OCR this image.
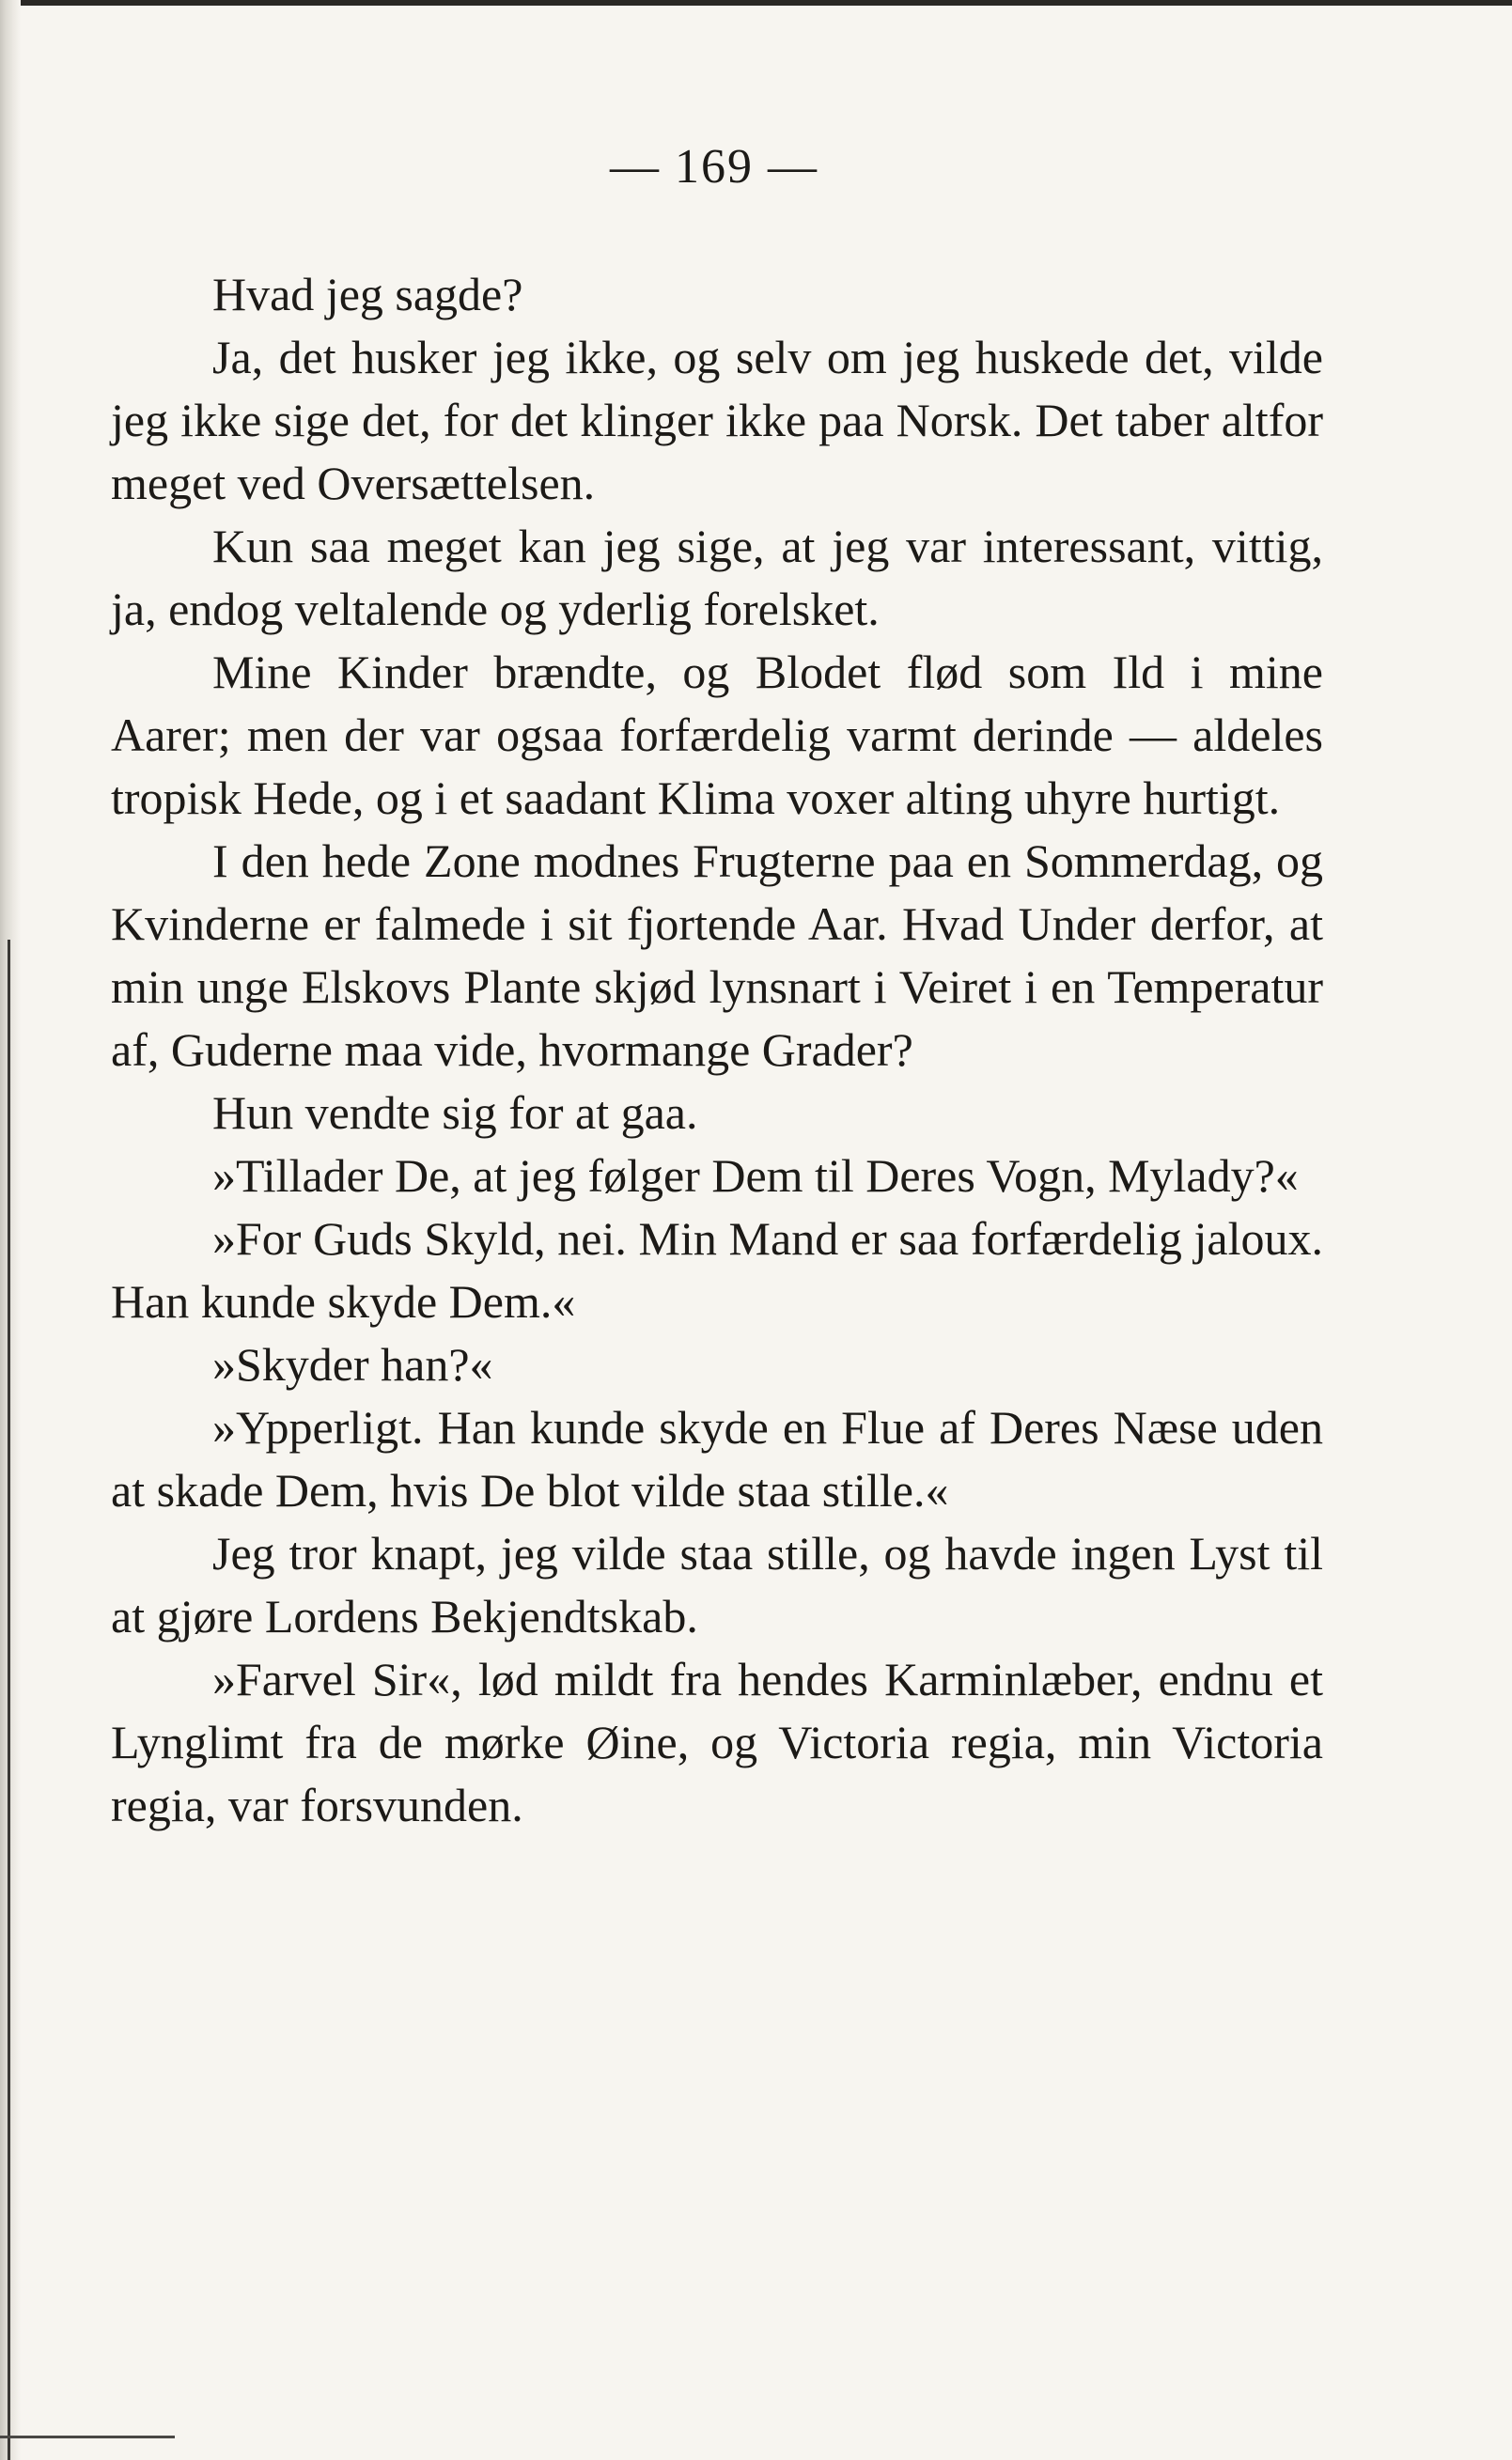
— 169 —

Hvad jeg sagde?

Ja, det husker jeg ikke, og selv om jeg huskede det, vilde jeg ikke sige det, for det klinger ikke paa Norsk. Det taber altfor meget ved Oversættelsen.

Kun saa meget kan jeg sige, at jeg var interessant, vittig, ja, endog veltalende og yderlig forelsket.

Mine Kinder brændte, og Blodet flød som Ild i mine Aarer; men der var ogsaa forfærdelig varmt derinde — aldeles tropisk Hede, og i et saadant Klima voxer alting uhyre hurtigt.

I den hede Zone modnes Frugterne paa en Sommerdag, og Kvinderne er falmede i sit fjortende Aar. Hvad Under derfor, at min unge Elskovs Plante skjød lynsnart i Veiret i en Temperatur af, Guderne maa vide, hvormange Grader?

Hun vendte sig for at gaa.

»Tillader De, at jeg følger Dem til Deres Vogn, Mylady?«

»For Guds Skyld, nei. Min Mand er saa forfærdelig jaloux. Han kunde skyde Dem.«

»Skyder han?«

»Ypperligt. Han kunde skyde en Flue af Deres Næse uden at skade Dem, hvis De blot vilde staa stille.«

Jeg tror knapt, jeg vilde staa stille, og havde ingen Lyst til at gjøre Lordens Bekjendtskab.

»Farvel Sir«, lød mildt fra hendes Karminlæber, endnu et Lynglimt fra de mørke Øine, og Victoria regia, min Victoria regia, var forsvunden.
